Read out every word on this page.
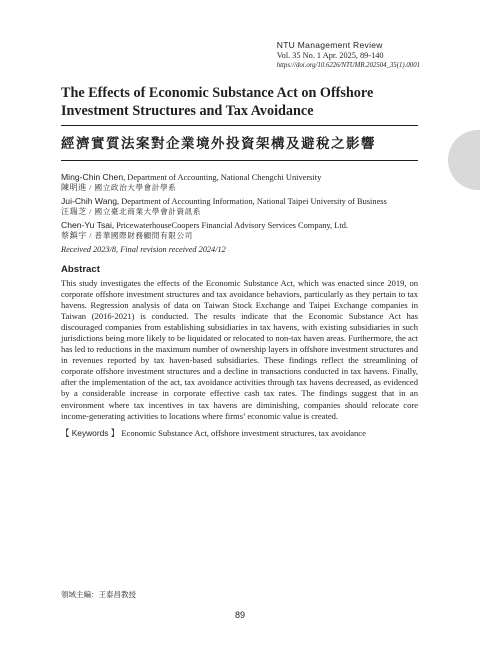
NTU Management Review
Vol. 35 No. 1 Apr. 2025, 89-140
https://doi.org/10.6226/NTUMR.202504_35(1).0001
The Effects of Economic Substance Act on Offshore Investment Structures and Tax Avoidance
經濟實質法案對企業境外投資架構及避稅之影響
Ming-Chin Chen, Department of Accounting, National Chengchi University
陳明進 / 國立政治大學會計學系
Jui-Chih Wang, Department of Accounting Information, National Taipei University of Business
汪瑞芝 / 國立臺北商業大學會計資訊系
Chen-Yu Tsai, PricewaterhouseCoopers Financial Advisory Services Company, Ltd.
蔡鎮宇 / 普華國際財務顧問有限公司
Received 2023/8, Final revision received 2024/12
Abstract

This study investigates the effects of the Economic Substance Act, which was enacted since 2019, on corporate offshore investment structures and tax avoidance behaviors, particularly as they pertain to tax havens. Regression analysis of data on Taiwan Stock Exchange and Taipei Exchange companies in Taiwan (2016-2021) is conducted. The results indicate that the Economic Substance Act has discouraged companies from establishing subsidiaries in tax havens, with existing subsidiaries in such jurisdictions being more likely to be liquidated or relocated to non-tax haven areas. Furthermore, the act has led to reductions in the maximum number of ownership layers in offshore investment structures and in revenues reported by tax haven-based subsidiaries. These findings reflect the streamlining of corporate offshore investment structures and a decline in transactions conducted in tax havens. Finally, after the implementation of the act, tax avoidance activities through tax havens decreased, as evidenced by a considerable increase in corporate effective cash tax rates. The findings suggest that in an environment where tax incentives in tax havens are diminishing, companies should relocate core income-generating activities to locations where firms’ economic value is created.

【 Keywords 】 Economic Substance Act, offshore investment structures, tax avoidance
領域主編：王泰昌教授
89
